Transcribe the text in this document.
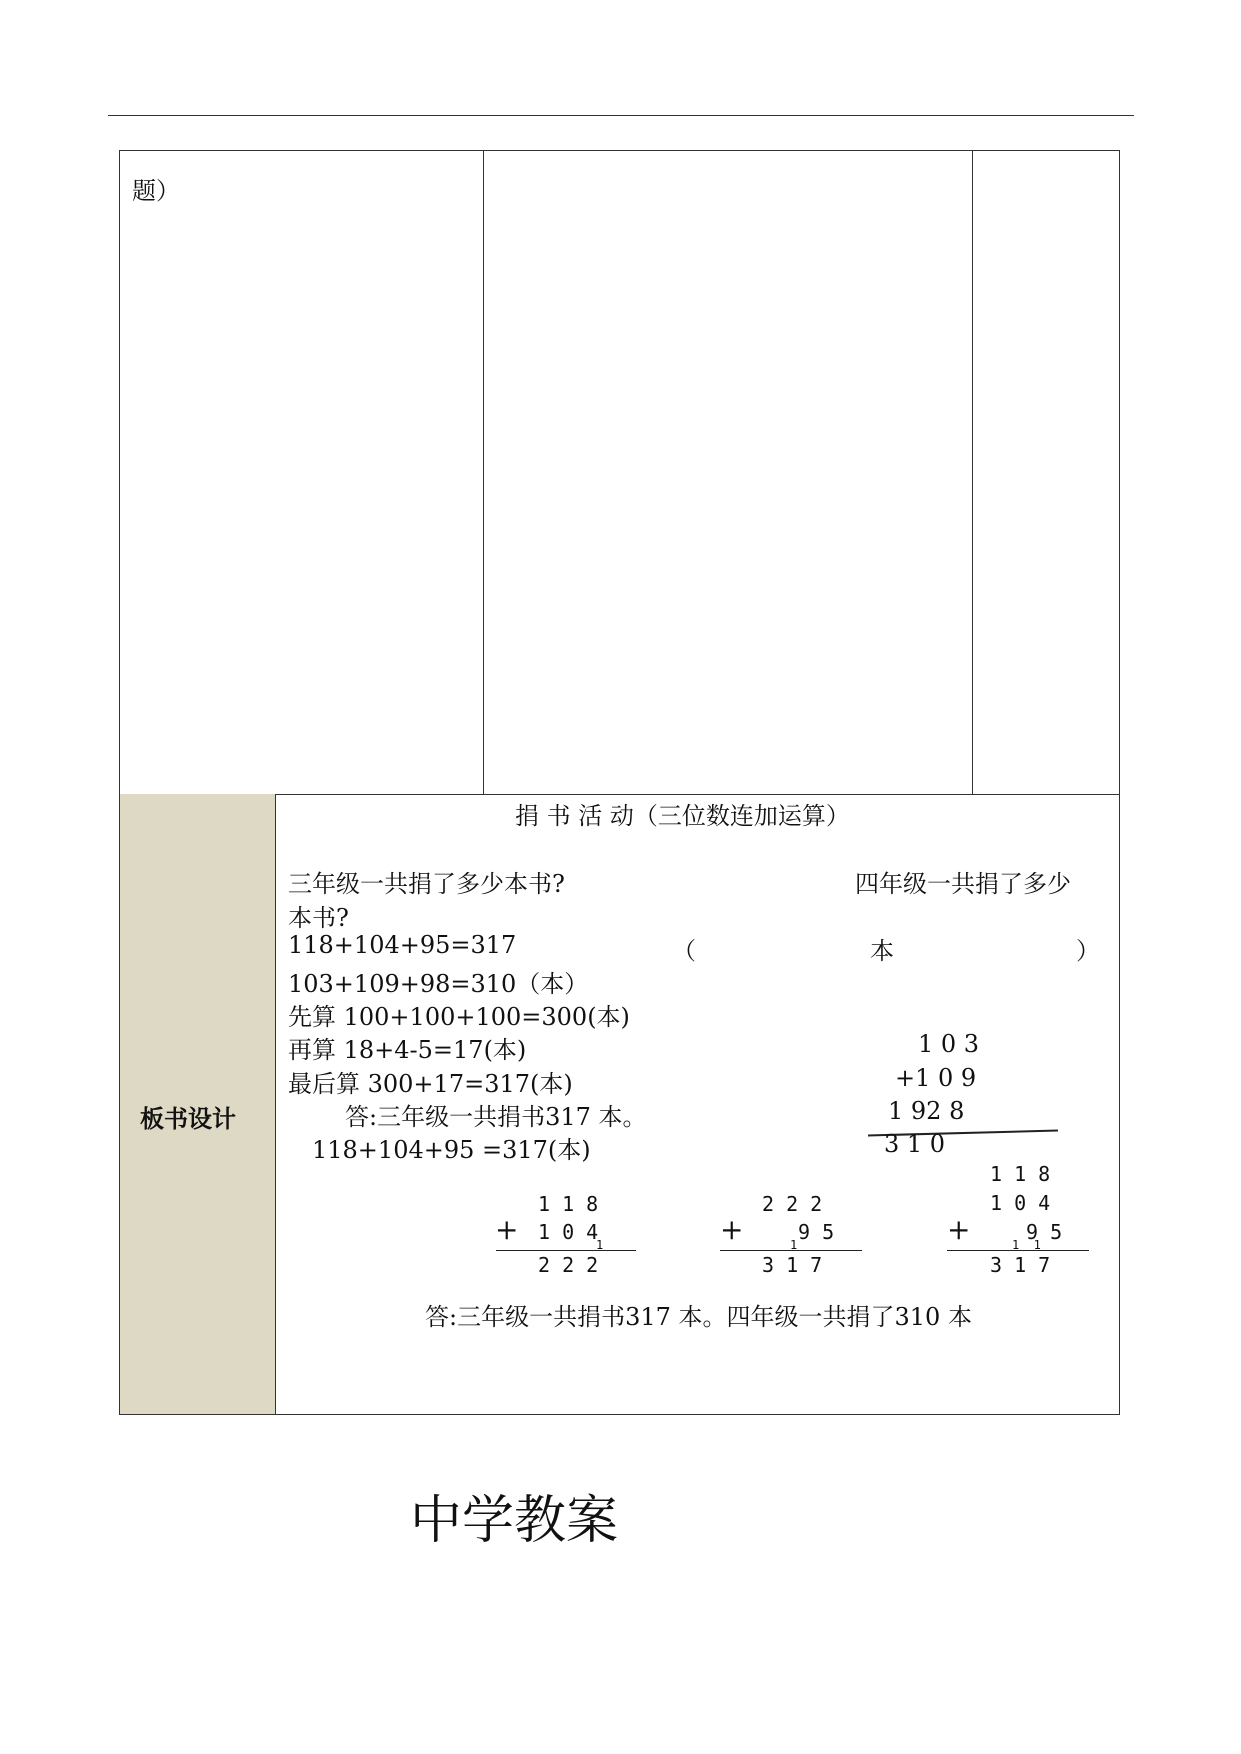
题）
板书设计
捐 书 活 动（三位数连加运算）
三年级一共捐了多少本书?	四年级一共捐了多少
本书?
118+104+95=317	（	本	）
103+109+98=310（本）
先算 100+100+100=300(本)
再算 18+4-5=17(本)
最后算 300+17=317(本)
答:三年级一共捐书317 本。
118+104+95 =317(本)
1 0 3
+1 0 9
1 92 8
3 1 0
1 1 8
+ 1 0 4
1
2 2 2
2 2 2
+	9 5
1
3 1 7
1 1 8
1 0 4
+	9 5
1  1
3 1 7
答:三年级一共捐书317 本。四年级一共捐了310 本
中学教案
